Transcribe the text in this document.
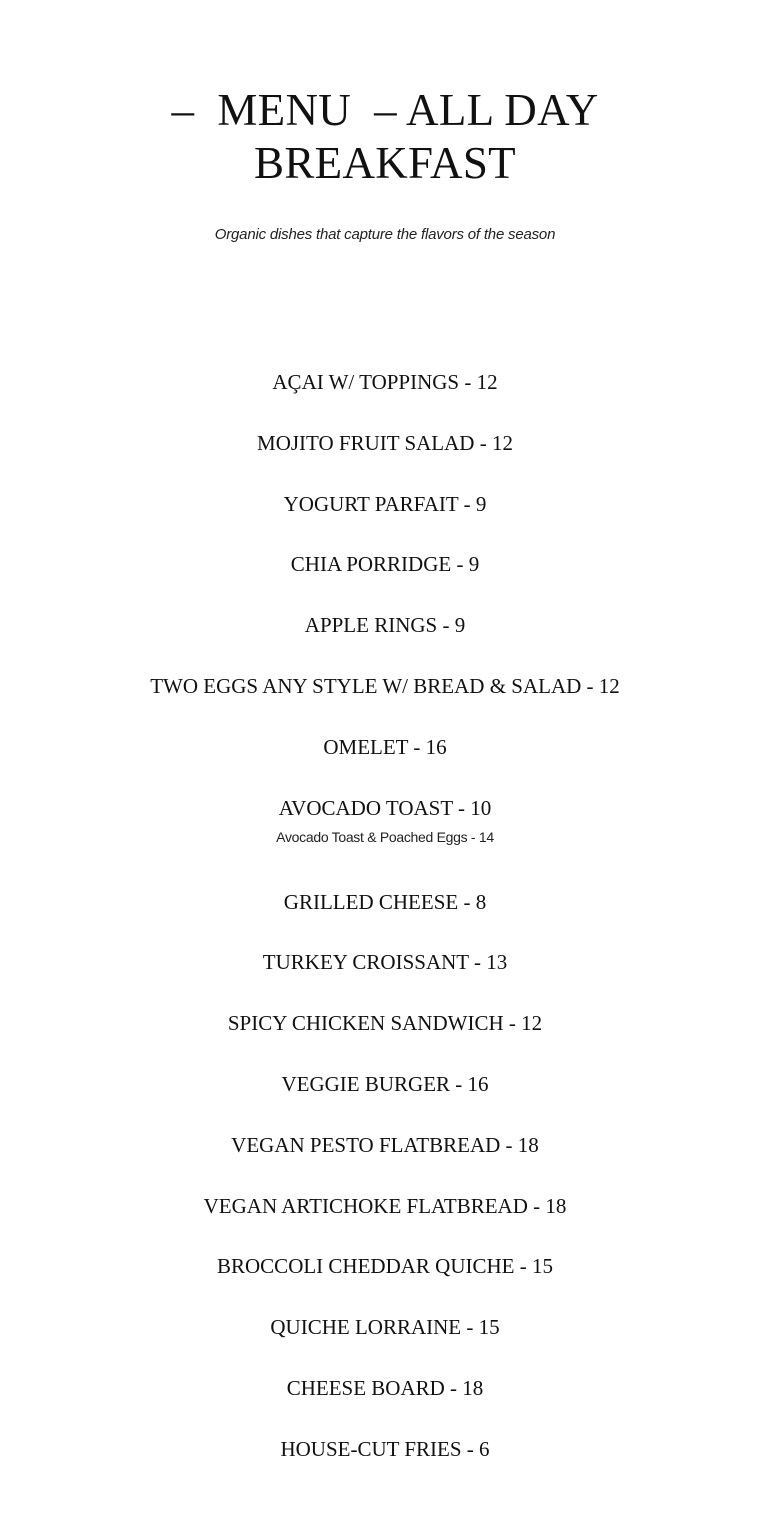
–  MENU  – ALL DAY
BREAKFAST

Organic dishes that capture the flavors of the season

AÇAI W/ TOPPINGS - 12
MOJITO FRUIT SALAD - 12
YOGURT PARFAIT - 9
CHIA PORRIDGE - 9
APPLE RINGS - 9
TWO EGGS ANY STYLE W/ BREAD & SALAD - 12
OMELET - 16
AVOCADO TOAST - 10
Avocado Toast & Poached Eggs - 14
GRILLED CHEESE - 8
TURKEY CROISSANT - 13
SPICY CHICKEN SANDWICH - 12
VEGGIE BURGER - 16
VEGAN PESTO FLATBREAD - 18
VEGAN ARTICHOKE FLATBREAD - 18
BROCCOLI CHEDDAR QUICHE - 15
QUICHE LORRAINE - 15
CHEESE BOARD - 18
HOUSE-CUT FRIES - 6
